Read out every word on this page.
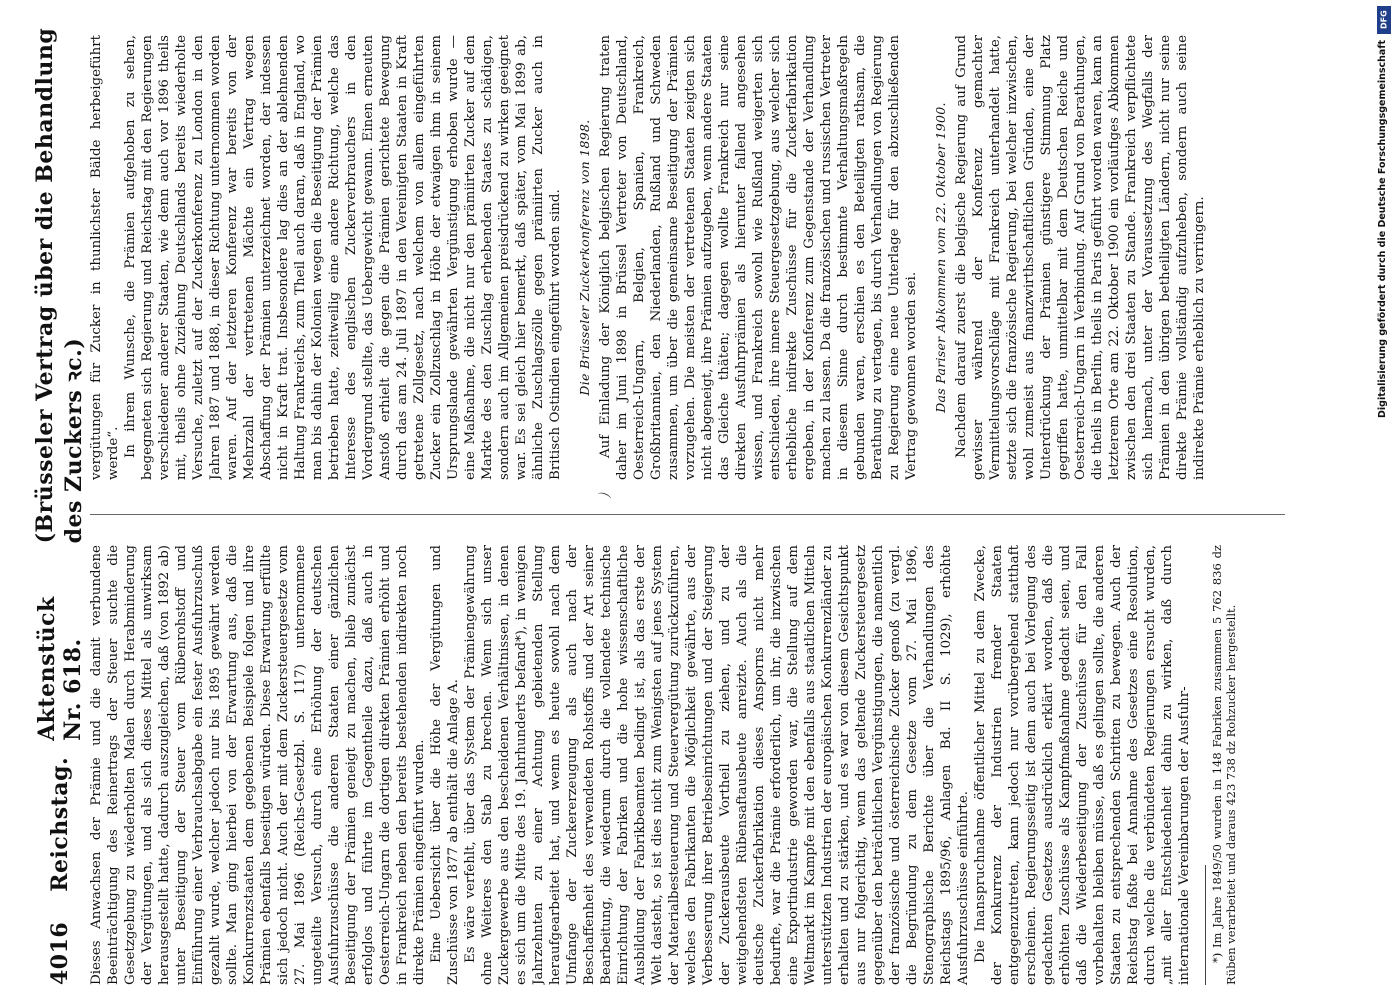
4016
Reichstag.
Aktenstück Nr. 618.
(Brüsseler Vertrag über die Behandlung des Zuckers ꝛc.)

Dieses Anwachsen der Prämie und die damit verbundene Beeinträchtigung des Reinertrags der Steuer suchte die Gesetzgebung zu wiederholten Malen durch Herabminderung der Vergütungen, und als sich dieses Mittel als unwirksam herausgestellt hatte, dadurch auszugleichen, daß (von 1892 ab) unter Beseitigung der Steuer vom Rübenrohstoff und Einführung einer Verbrauchsabgabe ein fester Ausfuhrzuschuß gezahlt wurde, welcher jedoch nur bis 1895 gewährt werden sollte. Man ging hierbei von der Erwartung aus, daß die Konkurrenzstaaten dem gegebenen Beispiele folgen und ihre Prämien ebenfalls beseitigen würden. Diese Erwartung erfüllte sich jedoch nicht. Auch der mit dem Zuckersteuergesetze vom 27. Mai 1896 (Reichs-Gesetzbl. S. 117) unternommene ungeteilte Versuch, durch eine Erhöhung der deutschen Ausfuhrzuschüsse die anderen Staaten einer gänzlichen Beseitigung der Prämien geneigt zu machen, blieb zunächst erfolglos und führte im Gegentheile dazu, daß auch in Oesterreich-Ungarn die dortigen direkten Prämien erhöht und in Frankreich neben den bereits bestehenden indirekten noch direkte Prämien eingeführt wurden. Eine Uebersicht über die Höhe der Vergütungen und Zuschüsse von 1877 ab enthält die Anlage A. Es wäre verfehlt, über das System der Prämiengewährung ohne Weiteres den Stab zu brechen. Wenn sich unser Zuckergewerbe aus den bescheidenen Verhältnissen, in denen es sich um die Mitte des 19. Jahrhunderts befand*), in wenigen Jahrzehnten zu einer Achtung gebietenden Stellung heraufgearbeitet hat, und wenn es heute sowohl nach dem Umfange der Zuckererzeugung als auch nach der Beschaffenheit des verwendeten Rohstoffs und der Art seiner Bearbeitung, die wiederum durch die vollendete technische Einrichtung der Fabriken und die hohe wissenschaftliche Ausbildung der Fabrikbeamten bedingt ist, als das erste der Welt dasteht, so ist dies nicht zum Wenigsten auf jenes System der Materialbesteuerung und Steuervergütung zurückzuführen, welches den Fabrikanten die Möglichkeit gewährte, aus der Verbesserung ihrer Betriebseinrichtungen und der Steigerung der Zuckerausbeute Vortheil zu ziehen, und zu der weitgehendsten Rübensaftausbeute anreizte. Auch als die deutsche Zuckerfabrikation dieses Ansporns nicht mehr bedurfte, war die Prämie erforderlich, um ihr, die inzwischen eine Exportindustrie geworden war, die Stellung auf dem Weltmarkt im Kampfe mit den ebenfalls aus staatlichen Mitteln unterstützten Industrien der europäischen Konkurrenzländer zu erhalten und zu stärken, und es war von diesem Gesichtspunkt aus nur folgerichtig, wenn das geltende Zuckersteuergesetz gegenüber den beträchtlichen Vergünstigungen, die namentlich der französische und österreichische Zucker genoß (zu vergl. die Begründung zu dem Gesetze vom 27. Mai 1896, Stenographische Berichte über die Verhandlungen des Reichstags 1895/96, Anlagen Bd. II S. 1029), erhöhte Ausfuhrzuschüsse einführte. Die Inanspruchnahme öffentlicher Mittel zu dem Zwecke, der Konkurrenz der Industrien fremder Staaten entgegenzutreten, kann jedoch nur vorübergehend statthaft erscheinen. Regierungsseitig ist denn auch bei Vorlegung des gedachten Gesetzes ausdrücklich erklärt worden, daß die erhöhten Zuschüsse als Kampfmaßnahme gedacht seien, und daß die Wiederbeseitigung der Zuschüsse für den Fall vorbehalten bleiben müsse, daß es gelingen sollte, die anderen Staaten zu entsprechenden Schritten zu bewegen. Auch der Reichstag faßte bei Annahme des Gesetzes eine Resolution, durch welche die verbündeten Regierungen ersucht wurden, „mit aller Entschiedenheit dahin zu wirken, daß durch internationale Vereinbarungen der Ausfuhr- *) Im Jahre 1849/50 wurden in 148 Fabriken zusammen 5 762 836 dz Rüben verarbeitet und daraus 423 738 dz Rohzucker hergestellt.

vergütungen für Zucker in thunlichster Bälde herbeigeführt werde“. In ihrem Wunsche, die Prämien aufgehoben zu sehen, begegneten sich Regierung und Reichstag mit den Regierungen verschiedener anderer Staaten, wie denn auch vor 1896 theils mit, theils ohne Zuziehung Deutschlands bereits wiederholte Versuche, zuletzt auf der Zuckerkonferenz zu London in den Jahren 1887 und 1888, in dieser Richtung unternommen worden waren. Auf der letzteren Konferenz war bereits von der Mehrzahl der vertretenen Mächte ein Vertrag wegen Abschaffung der Prämien unterzeichnet worden, der indessen nicht in Kraft trat. Insbesondere lag dies an der ablehnenden Haltung Frankreichs, zum Theil auch daran, daß in England, wo man bis dahin der Kolonien wegen die Beseitigung der Prämien betrieben hatte, zeitweilig eine andere Richtung, welche das Interesse des englischen Zuckerverbrauchers in den Vordergrund stellte, das Uebergewicht gewann. Einen erneuten Anstoß erhielt die gegen die Prämien gerichtete Bewegung durch das am 24. Juli 1897 in den Vereinigten Staaten in Kraft getretene Zollgesetz, nach welchem von allem eingeführten Zucker ein Zollzuschlag in Höhe der etwaigen ihm in seinem Ursprungslande gewährten Vergünstigung erhoben wurde — eine Maßnahme, die nicht nur den prämiirten Zucker auf dem Markte des den Zuschlag erhebenden Staates zu schädigen, sondern auch im Allgemeinen preisdrückend zu wirken geeignet war. Es sei gleich hier bemerkt, daß später, vom Mai 1899 ab, ähnliche Zuschlagszölle gegen prämiirten Zucker auch in Britisch Ostindien eingeführt worden sind. Die Brüsseler Zuckerkonferenz von 1898. Auf Einladung der Königlich belgischen Regierung traten daher im Juni 1898 in Brüssel Vertreter von Deutschland, Oesterreich-Ungarn, Belgien, Spanien, Frankreich, Großbritannien, den Niederlanden, Rußland und Schweden zusammen, um über die gemeinsame Beseitigung der Prämien vorzugehen. Die meisten der vertretenen Staaten zeigten sich nicht abgeneigt, ihre Prämien aufzugeben, wenn andere Staaten das Gleiche thäten; dagegen wollte Frankreich nur seine direkten Ausfuhrprämien als hierunter fallend angesehen wissen, und Frankreich sowohl wie Rußland weigerten sich entschieden, ihre innere Steuergesetzgebung, aus welcher sich erhebliche indirekte Zuschüsse für die Zuckerfabrikation ergeben, in der Konferenz zum Gegenstande der Verhandlung machen zu lassen. Da die französischen und russischen Vertreter in diesem Sinne durch bestimmte Verhaltungsmaßregeln gebunden waren, erschien es den Beteiligten rathsam, die Berathung zu vertagen, bis durch Verhandlungen von Regierung zu Regierung eine neue Unterlage für den abzuschließenden Vertrag gewonnen worden sei. Das Pariser Abkommen vom 22. Oktober 1900. Nachdem darauf zuerst die belgische Regierung auf Grund gewisser während der Konferenz gemachter Vermittelungsvorschläge mit Frankreich unterhandelt hatte, setzte sich die französische Regierung, bei welcher inzwischen, wohl zumeist aus finanzwirthschaftlichen Gründen, eine der Unterdrückung der Prämien günstigere Stimmung Platz gegriffen hatte, unmittelbar mit dem Deutschen Reiche und Oesterreich-Ungarn in Verbindung. Auf Grund von Berathungen, die theils in Berlin, theils in Paris geführt worden waren, kam an letzterem Orte am 22. Oktober 1900 ein vorläufiges Abkommen zwischen den drei Staaten zu Stande. Frankreich verpflichtete sich hiernach, unter der Voraussetzung des Wegfalls der Prämien in den übrigen betheiligten Ländern, nicht nur seine direkte Prämie vollständig aufzuheben, sondern auch seine indirekte Prämie erheblich zu verringern.

⌒
DFG
Digitalisierung gefördert durch die Deutsche Forschungsgemeinschaft
